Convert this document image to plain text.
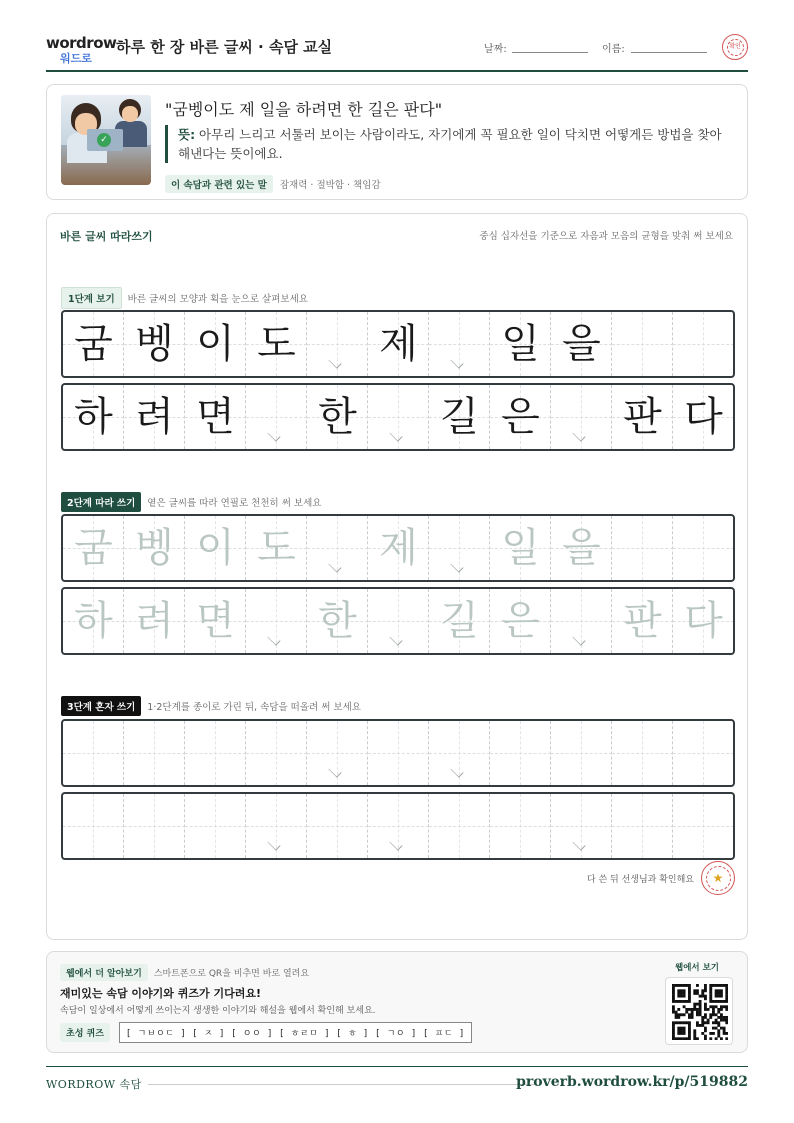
wordrow
워드로
하루 한 장 바른 글씨 · 속담 교실	날짜:	이름:	확인
✓
"굼벵이도 제 일을 하려면 한 길은 판다"
뜻: 아무리 느리고 서툴러 보이는 사람이라도, 자기에게 꼭 필요한 일이 닥치면 어떻게든 방법을 찾아 해낸다는 뜻이에요.
이 속담과 관련 있는 말 잠재력 · 절박함 · 책임감
바른 글씨 따라쓰기	중심 십자선을 기준으로 자음과 모음의 균형을 맞춰 써 보세요
1단계 보기 바른 글씨의 모양과 획을 눈으로 살펴보세요
굼 벵 이 도 제 일 을
하 려 면 한 길 은 판 다
2단계 따라 쓰기 옅은 글씨를 따라 연필로 천천히 써 보세요
굼 벵 이 도 제 일 을
하 려 면 한 길 은 판 다
3단계 혼자 쓰기 1·2단계를 종이로 가린 뒤, 속담을 떠올려 써 보세요
다 쓴 뒤 선생님과 확인해요	★
웹에서 더 알아보기 스마트폰으로 QR을 비추면 바로 열려요
재미있는 속담 이야기와 퀴즈가 기다려요!
속담이 일상에서 어떻게 쓰이는지 생생한 이야기와 해설을 웹에서 확인해 보세요.
초성 퀴즈 [ ㄱㅂㅇㄷ ] [ ㅈ ] [ ㅇㅇ ] [ ㅎㄹㅁ ] [ ㅎ ] [ ㄱㅇ ] [ ㅍㄷ ]
웹에서 보기
WORDROW 속담	proverb.wordrow.kr/p/519882
